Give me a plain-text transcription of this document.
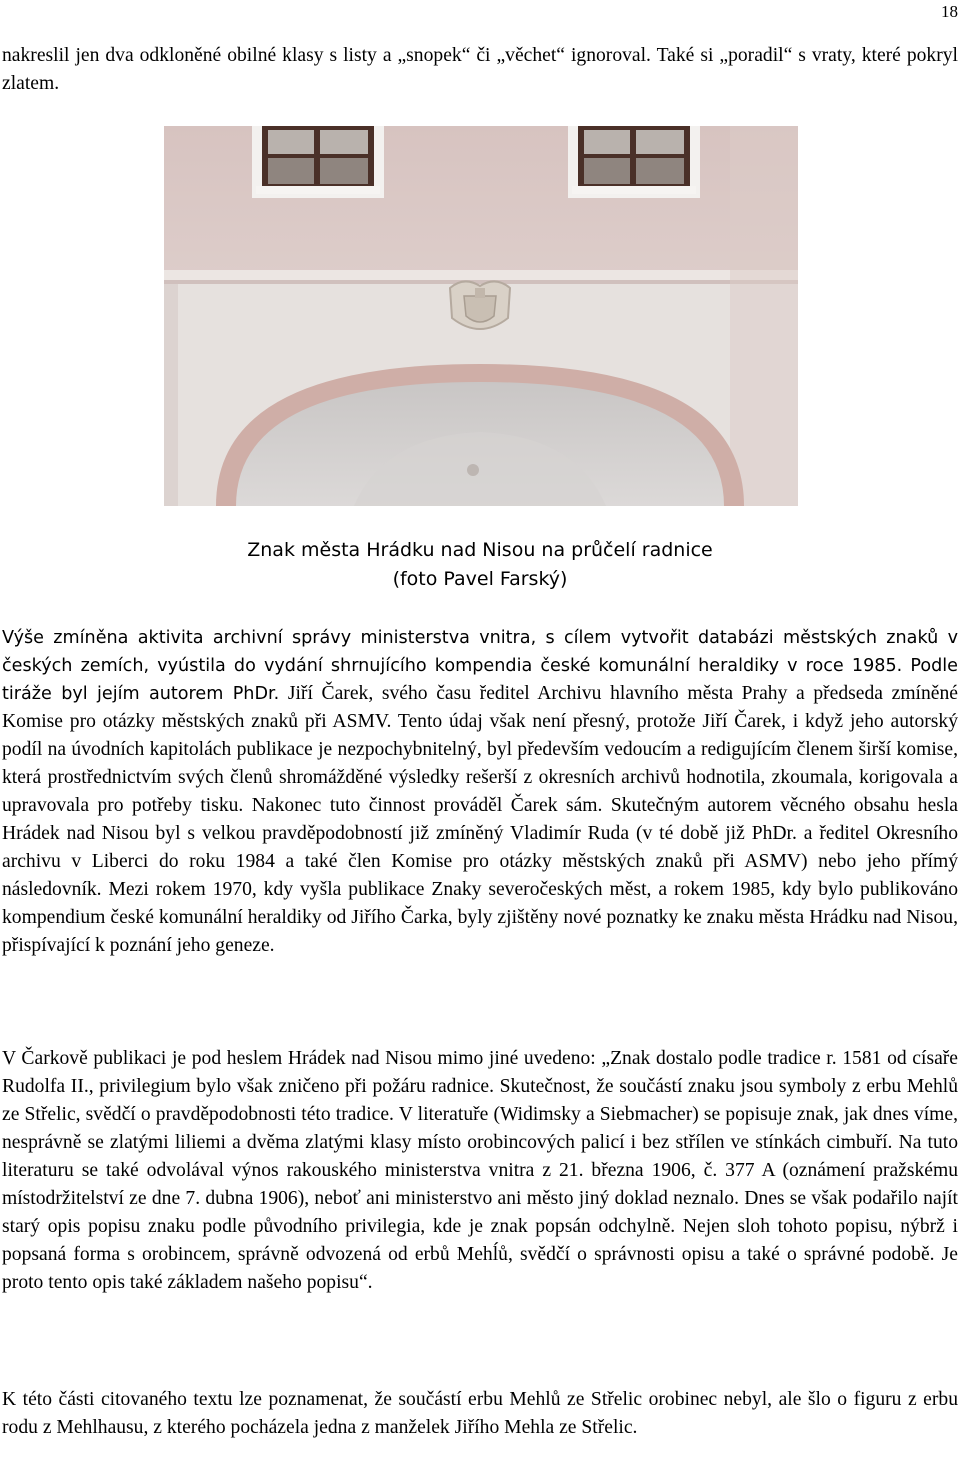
18

nakreslil jen dva odkloněné obilné klasy s listy a „snopek“ či „věchet“ ignoroval. Také si „poradil“ s vraty, které pokryl zlatem.

Znak města Hrádku nad Nisou na průčelí radnice
(foto Pavel Farský)

Výše zmíněna aktivita archivní správy ministerstva vnitra, s cílem vytvořit databázi městských znaků v českých zemích, vyústila do vydání shrnujícího kompendia české komunální heraldiky v roce 1985. Podle tiráže byl jejím autorem PhDr. Jiří Čarek, svého času ředitel Archivu hlavního města Prahy a předseda zmíněné Komise pro otázky městských znaků při ASMV. Tento údaj však není přesný, protože Jiří Čarek, i když jeho autorský podíl na úvodních kapitolách publikace je nezpochybnitelný, byl především vedoucím a redigujícím členem širší komise, která prostřednictvím svých členů shromážděné výsledky rešerší z okresních archivů hodnotila, zkoumala, korigovala a upravovala pro potřeby tisku. Nakonec tuto činnost prováděl Čarek sám. Skutečným autorem věcného obsahu hesla Hrádek nad Nisou byl s velkou pravděpodobností již zmíněný Vladimír Ruda (v té době již PhDr. a ředitel Okresního archivu v Liberci do roku 1984 a také člen Komise pro otázky městských znaků při ASMV) nebo jeho přímý následovník. Mezi rokem 1970, kdy vyšla publikace Znaky severočeských měst, a rokem 1985, kdy bylo publikováno kompendium české komunální heraldiky od Jiřího Čarka, byly zjištěny nové poznatky ke znaku města Hrádku nad Nisou, přispívající k poznání jeho geneze.

V Čarkově publikaci je pod heslem Hrádek nad Nisou mimo jiné uvedeno: „Znak dostalo podle tradice r. 1581 od císaře Rudolfa II., privilegium bylo však zničeno při požáru radnice. Skutečnost, že součástí znaku jsou symboly z erbu Mehlů ze Střelic, svědčí o pravděpodobnosti této tradice. V literatuře (Widimsky a Siebmacher) se popisuje znak, jak dnes víme, nesprávně se zlatými liliemi a dvěma zlatými klasy místo orobincových palicí i bez střílen ve stínkách cimbuří. Na tuto literaturu se také odvolával výnos rakouského ministerstva vnitra z 21. března 1906, č. 377 A (oznámení pražskému místodržitelství ze dne 7. dubna 1906), neboť ani ministerstvo ani město jiný doklad neznalo. Dnes se však podařilo najít starý opis popisu znaku podle původního privilegia, kde je znak popsán odchylně. Nejen sloh tohoto popisu, nýbrž i popsaná forma s orobincem, správně odvozená od erbů Mehĺů, svědčí o správnosti opisu a také o správné podobě. Je proto tento opis také základem našeho popisu“.

K této části citovaného textu lze poznamenat, že součástí erbu Mehlů ze Střelic orobinec nebyl, ale šlo o figuru z erbu rodu z Mehlhausu, z kterého pocházela jedna z manželek Jiřího Mehla ze Střelic.
